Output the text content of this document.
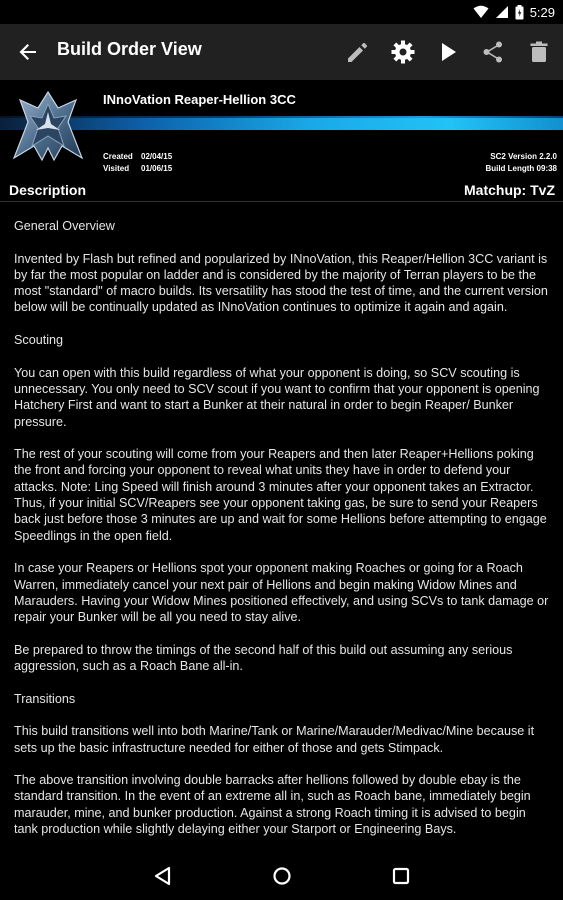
5:29
Build Order View
INnoVation Reaper-Hellion 3CC
Created 02/04/15
Visited 01/06/15
SC2 Version 2.2.0
Build Length 09:38
Description	Matchup: TvZ

General Overview

Invented by Flash but refined and popularized by INnoVation, this Reaper/Hellion 3CC variant is by far the most popular on ladder and is considered by the majority of Terran players to be the most "standard" of macro builds. Its versatility has stood the test of time, and the current version below will be continually updated as INnoVation continues to optimize it again and again.

Scouting

You can open with this build regardless of what your opponent is doing, so SCV scouting is unnecessary. You only need to SCV scout if you want to confirm that your opponent is opening Hatchery First and want to start a Bunker at their natural in order to begin Reaper/ Bunker pressure.

The rest of your scouting will come from your Reapers and then later Reaper+Hellions poking the front and forcing your opponent to reveal what units they have in order to defend your attacks. Note: Ling Speed will finish around 3 minutes after your opponent takes an Extractor. Thus, if your initial SCV/Reapers see your opponent taking gas, be sure to send your Reapers back just before those 3 minutes are up and wait for some Hellions before attempting to engage Speedlings in the open field.

In case your Reapers or Hellions spot your opponent making Roaches or going for a Roach Warren, immediately cancel your next pair of Hellions and begin making Widow Mines and Marauders. Having your Widow Mines positioned effectively, and using SCVs to tank damage or repair your Bunker will be all you need to stay alive.

Be prepared to throw the timings of the second half of this build out assuming any serious aggression, such as a Roach Bane all-in.

Transitions

This build transitions well into both Marine/Tank or Marine/Marauder/Medivac/Mine because it sets up the basic infrastructure needed for either of those and gets Stimpack.

The above transition involving double barracks after hellions followed by double ebay is the standard transition. In the event of an extreme all in, such as Roach bane, immediately begin marauder, mine, and bunker production. Against a strong Roach timing it is advised to begin tank production while slightly delaying either your Starport or Engineering Bays.
